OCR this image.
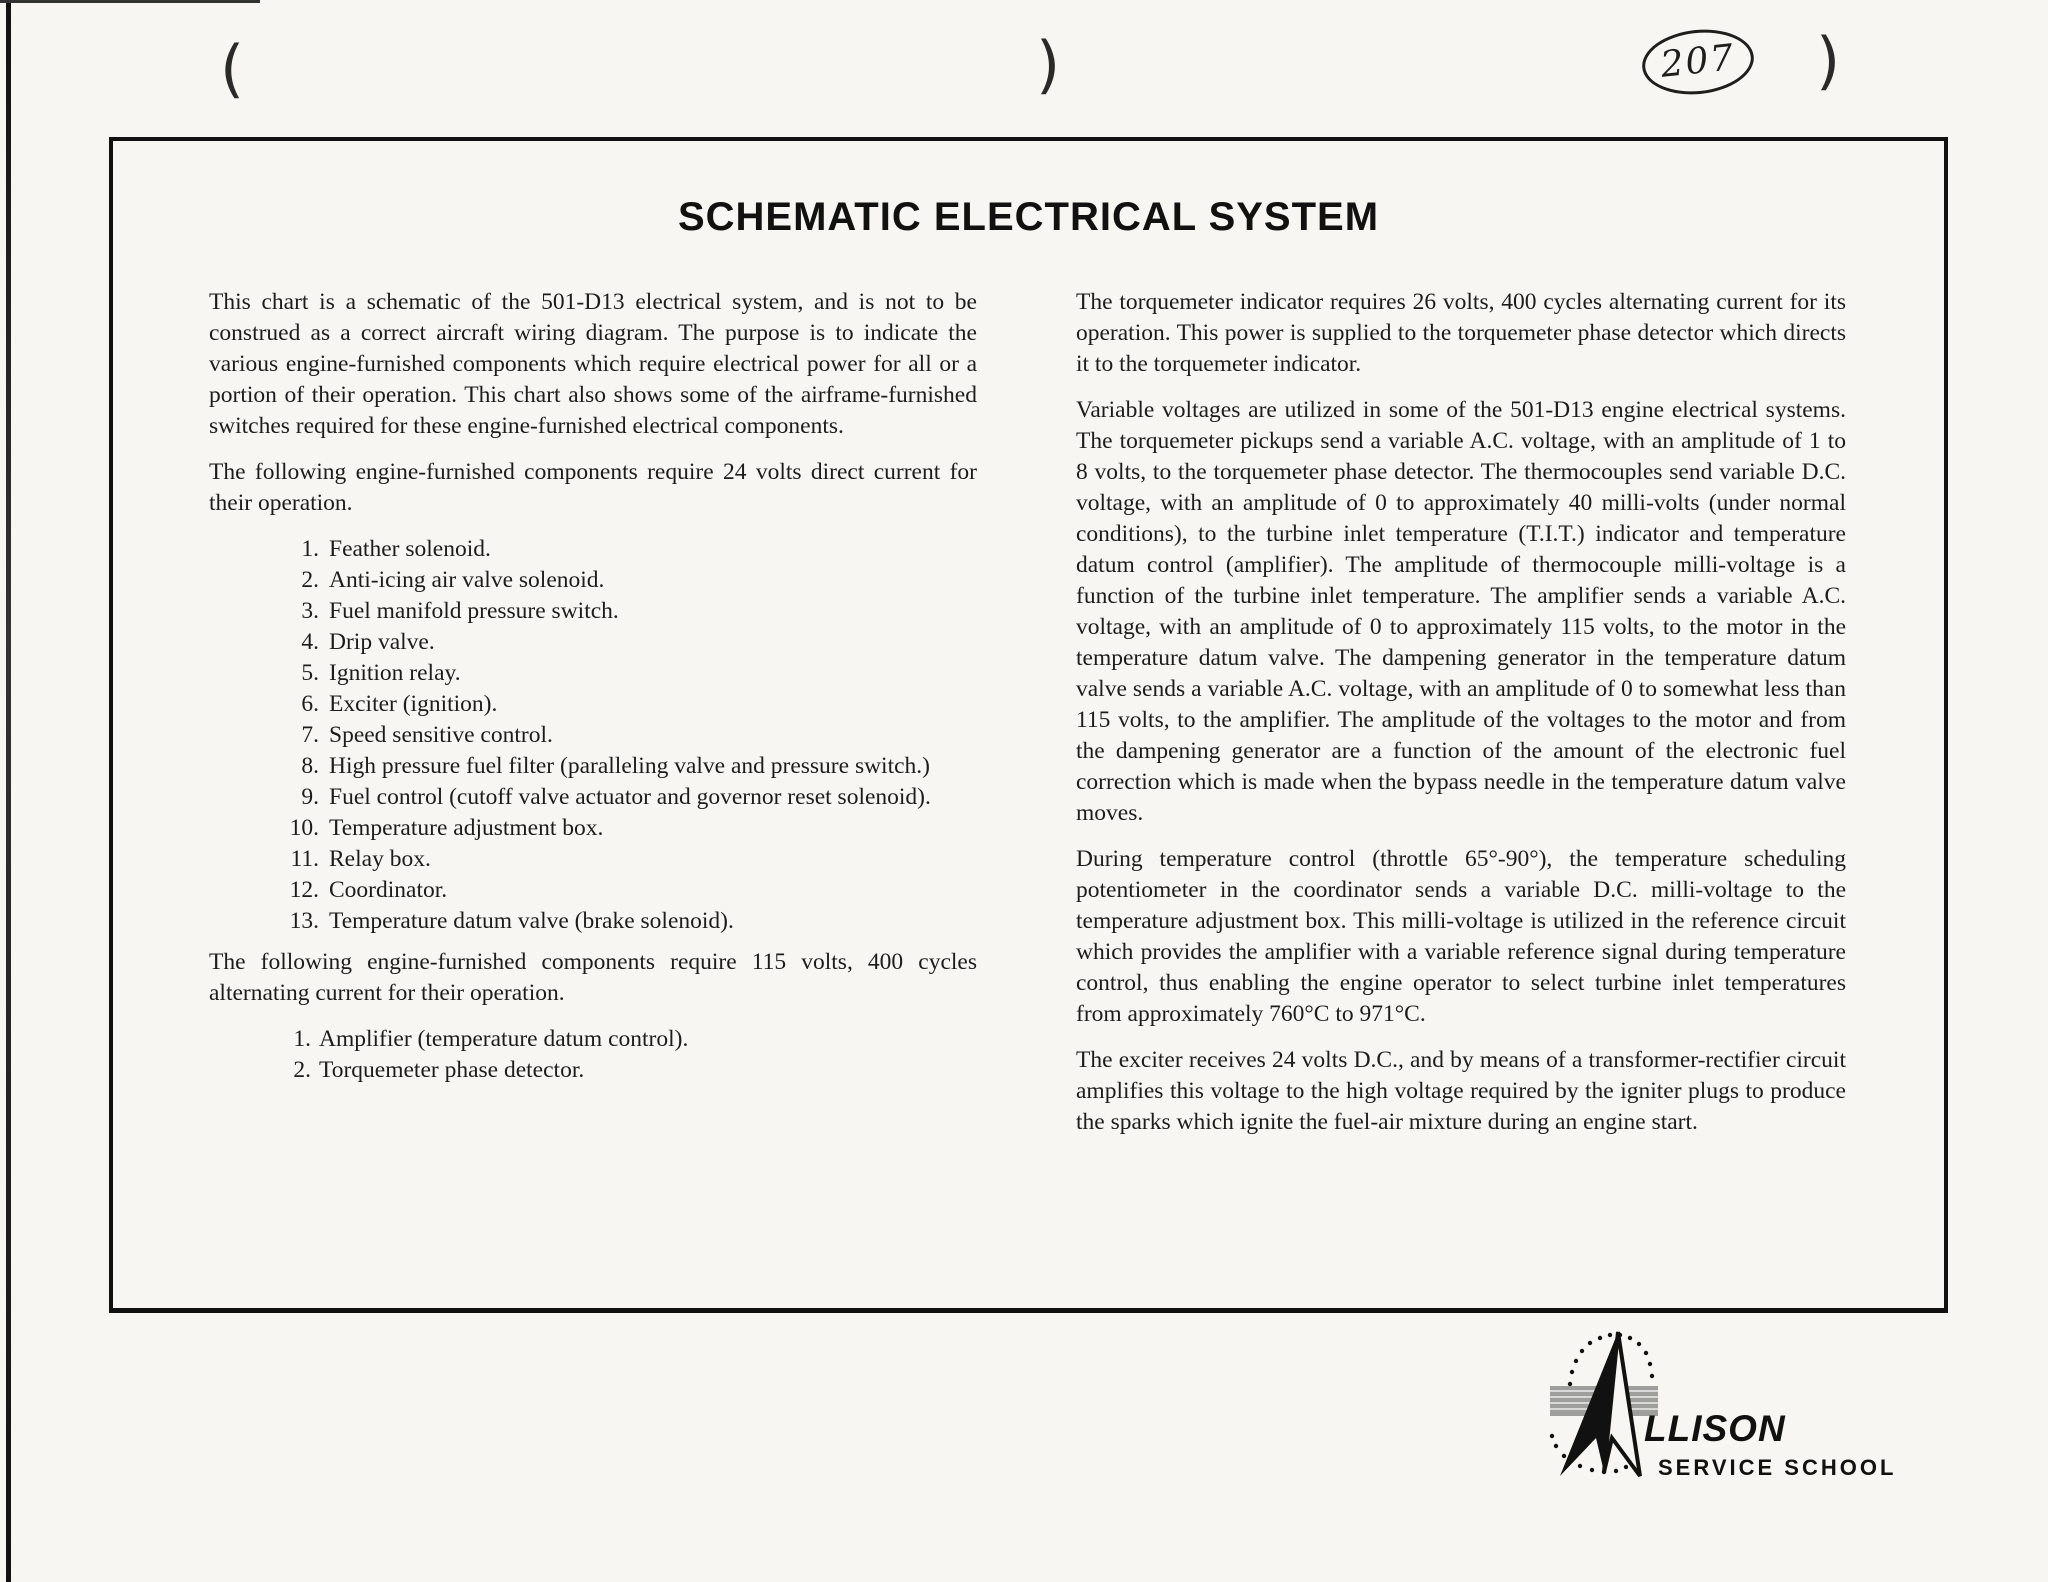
(	)	)
207
SCHEMATIC ELECTRICAL SYSTEM

This chart is a schematic of the 501-D13 electrical system, and is not to be construed as a correct aircraft wiring diagram. The purpose is to indicate the various engine-furnished components which require electrical power for all or a portion of their operation. This chart also shows some of the airframe-furnished switches required for these engine-furnished electrical components.

The following engine-furnished components require 24 volts direct current for their operation.

1. Feather solenoid.
2. Anti-icing air valve solenoid.
3. Fuel manifold pressure switch.
4. Drip valve.
5. Ignition relay.
6. Exciter (ignition).
7. Speed sensitive control.
8. High pressure fuel filter (paralleling valve and pressure switch.)
9. Fuel control (cutoff valve actuator and governor reset solenoid).
10. Temperature adjustment box.
11. Relay box.
12. Coordinator.
13. Temperature datum valve (brake solenoid).

The following engine-furnished components require 115 volts, 400 cycles alternating current for their operation.

1. Amplifier (temperature datum control).
2. Torquemeter phase detector.

The torquemeter indicator requires 26 volts, 400 cycles alternating current for its operation. This power is supplied to the torquemeter phase detector which directs it to the torquemeter indicator.

Variable voltages are utilized in some of the 501-D13 engine electrical systems. The torquemeter pickups send a variable A.C. voltage, with an amplitude of 1 to 8 volts, to the torquemeter phase detector. The thermocouples send variable D.C. voltage, with an amplitude of 0 to approximately 40 milli-volts (under normal conditions), to the turbine inlet temperature (T.I.T.) indicator and temperature datum control (amplifier). The amplitude of thermocouple milli-voltage is a function of the turbine inlet temperature. The amplifier sends a variable A.C. voltage, with an amplitude of 0 to approximately 115 volts, to the motor in the temperature datum valve. The dampening generator in the temperature datum valve sends a variable A.C. voltage, with an amplitude of 0 to somewhat less than 115 volts, to the amplifier. The amplitude of the voltages to the motor and from the dampening generator are a function of the amount of the electronic fuel correction which is made when the bypass needle in the temperature datum valve moves.

During temperature control (throttle 65°-90°), the temperature scheduling potentiometer in the coordinator sends a variable D.C. milli-voltage to the temperature adjustment box. This milli-voltage is utilized in the reference circuit which provides the amplifier with a variable reference signal during temperature control, thus enabling the engine operator to select turbine inlet temperatures from approximately 760°C to 971°C.

The exciter receives 24 volts D.C., and by means of a transformer-rectifier circuit amplifies this voltage to the high voltage required by the igniter plugs to produce the sparks which ignite the fuel-air mixture during an engine start.

LLISON
SERVICE SCHOOL
